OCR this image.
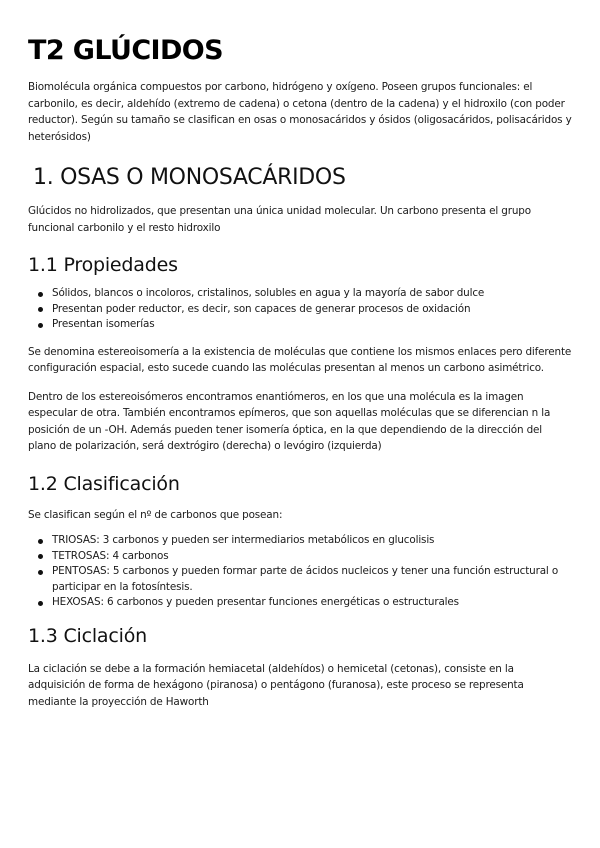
T2 GLÚCIDOS

Biomolécula orgánica compuestos por carbono, hidrógeno y oxígeno. Poseen grupos funcionales: el carbonilo, es decir, aldehído (extremo de cadena) o cetona (dentro de la cadena) y el hidroxilo (con poder reductor). Según su tamaño se clasifican en osas o monosacáridos y ósidos (oligosacáridos, polisacáridos y heterósidos)

1. OSAS O MONOSACÁRIDOS

Glúcidos no hidrolizados, que presentan una única unidad molecular. Un carbono presenta el grupo funcional carbonilo y el resto hidroxilo

1.1 Propiedades
Sólidos, blancos o incoloros, cristalinos, solubles en agua y la mayoría de sabor dulce
Presentan poder reductor, es decir, son capaces de generar procesos de oxidación
Presentan isomerías

Se denomina estereoisomería a la existencia de moléculas que contiene los mismos enlaces pero diferente configuración espacial, esto sucede cuando las moléculas presentan al menos un carbono asimétrico.

Dentro de los estereoisómeros encontramos enantiómeros, en los que una molécula es la imagen especular de otra. También encontramos epímeros, que son aquellas moléculas que se diferencian n la posición de un -OH. Además pueden tener isomería óptica, en la que dependiendo de la dirección del plano de polarización, será dextrógiro (derecha) o levógiro (izquierda)

1.2 Clasificación

Se clasifican según el nº de carbonos que posean:

TRIOSAS: 3 carbonos y pueden ser intermediarios metabólicos en glucolisis
TETROSAS: 4 carbonos
PENTOSAS: 5 carbonos y pueden formar parte de ácidos nucleicos y tener una función estructural o participar en la fotosíntesis.
HEXOSAS: 6 carbonos y pueden presentar funciones energéticas o estructurales
1.3 Ciclación

La ciclación se debe a la formación hemiacetal (aldehídos) o hemicetal (cetonas), consiste en la adquisición de forma de hexágono (piranosa) o pentágono (furanosa), este proceso se representa mediante la proyección de Haworth
